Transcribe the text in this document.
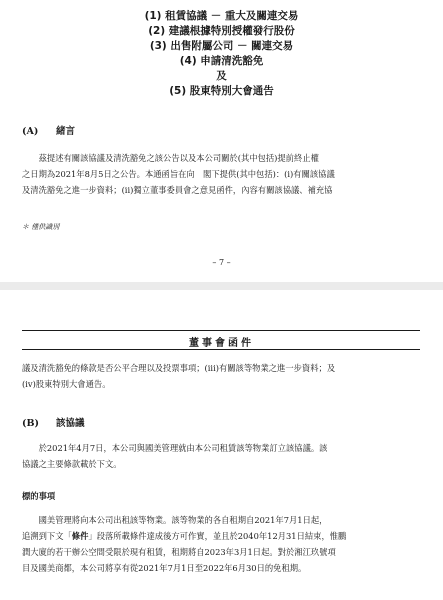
(1) 租賃協議 － 重大及關連交易
(2) 建議根據特別授權發行股份
(3) 出售附屬公司 － 關連交易
(4) 申請清洗豁免
及
(5) 股東特別大會通告
(A) 緒言
　　茲提述有關該協議及清洗豁免之該公告以及本公司關於(其中包括)提前終止權
之日期為2021年8月5日之公告。本通函旨在向　閣下提供(其中包括)：(i)有關該協議
及清洗豁免之進一步資料；(ii)獨立董事委員會之意見函件，內容有關該協議、補充協
＊ 僅供識別
– 7 –
董事會函件
議及清洗豁免的條款是否公平合理以及投票事項；(iii)有關該等物業之進一步資料；及
(iv)股東特別大會通告。
(B) 該協議
　　於2021年4月7日，本公司與國美管理就由本公司租賃該等物業訂立該協議。該
協議之主要條款載於下文。
標的事項
　　國美管理將向本公司出租該等物業。該等物業的各自租期自2021年7月1日起，
追溯到下文「條件」段落所載條件達成後方可作實，並且於2040年12月31日結束，惟鵬
潤大廈的若干辦公空間受限於現有租賃，租期將自2023年3月1日起。對於湘江玖號項
目及國美商都，本公司將享有從2021年7月1日至2022年6月30日的免租期。
